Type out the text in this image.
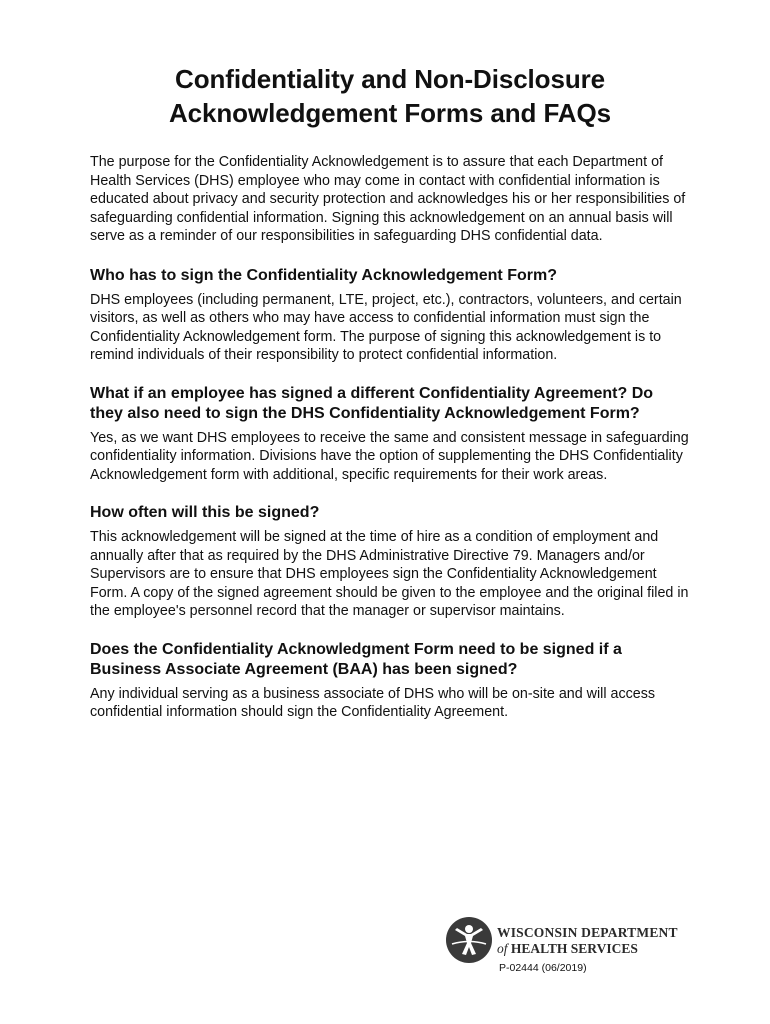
Confidentiality and Non-Disclosure
Acknowledgement Forms and FAQs

The purpose for the Confidentiality Acknowledgement is to assure that each Department of Health Services (DHS) employee who may come in contact with confidential information is educated about privacy and security protection and acknowledges his or her responsibilities of safeguarding confidential information. Signing this acknowledgement on an annual basis will serve as a reminder of our responsibilities in safeguarding DHS confidential data.

Who has to sign the Confidentiality Acknowledgement Form?

DHS employees (including permanent, LTE, project, etc.), contractors, volunteers, and certain visitors, as well as others who may have access to confidential information must sign the Confidentiality Acknowledgement form. The purpose of signing this acknowledgement is to remind individuals of their responsibility to protect confidential information.

What if an employee has signed a different Confidentiality Agreement? Do they also need to sign the DHS Confidentiality Acknowledgement Form?

Yes, as we want DHS employees to receive the same and consistent message in safeguarding confidentiality information. Divisions have the option of supplementing the DHS Confidentiality Acknowledgement form with additional, specific requirements for their work areas.

How often will this be signed?

This acknowledgement will be signed at the time of hire as a condition of employment and annually after that as required by the DHS Administrative Directive 79. Managers and/or Supervisors are to ensure that DHS employees sign the Confidentiality Acknowledgement Form. A copy of the signed agreement should be given to the employee and the original filed in the employee's personnel record that the manager or supervisor maintains.

Does the Confidentiality Acknowledgment Form need to be signed if a Business Associate Agreement (BAA) has been signed?

Any individual serving as a business associate of DHS who will be on-site and will access confidential information should sign the Confidentiality Agreement.

WISCONSIN DEPARTMENT
of HEALTH SERVICES
P-02444 (06/2019)
